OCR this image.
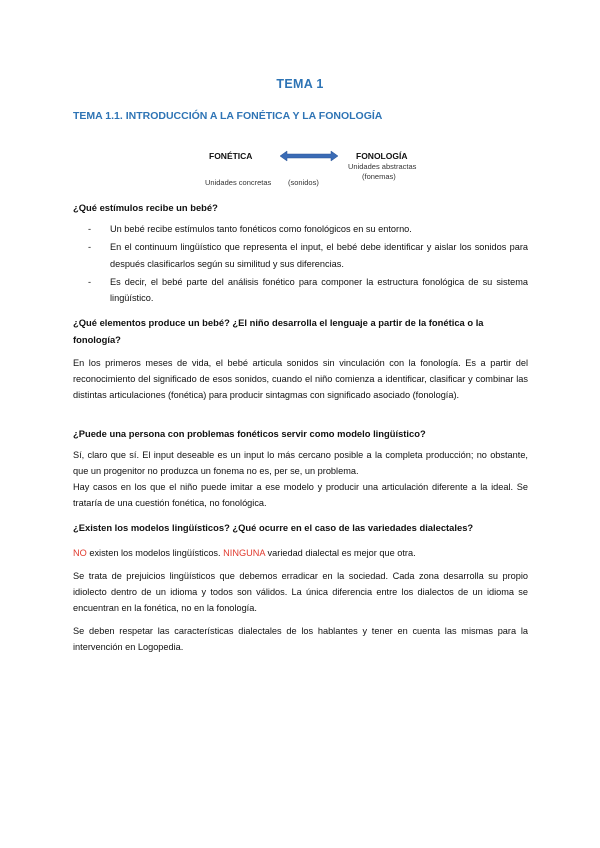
TEMA 1
TEMA 1.1. INTRODUCCIÓN A LA FONÉTICA Y LA FONOLOGÍA
FONÉTICA	FONOLOGÍA
Unidades abstractas
(fonemas)
Unidades concretas (sonidos)
¿Qué estímulos recibe un bebé?
- Un bebé recibe estímulos tanto fonéticos como fonológicos en su entorno.
- En el continuum lingüístico que representa el input, el bebé debe identificar y aislar los sonidos para después clasificarlos según su similitud y sus diferencias.
- Es decir, el bebé parte del análisis fonético para componer la estructura fonológica de su sistema lingüístico.
¿Qué elementos produce un bebé? ¿El niño desarrolla el lenguaje a partir de la fonética o la fonología?
En los primeros meses de vida, el bebé articula sonidos sin vinculación con la fonología. Es a partir del reconocimiento del significado de esos sonidos, cuando el niño comienza a identificar, clasificar y combinar las distintas articulaciones (fonética) para producir sintagmas con significado asociado (fonología).
¿Puede una persona con problemas fonéticos servir como modelo lingüístico?
Sí, claro que sí. El input deseable es un input lo más cercano posible a la completa producción; no obstante, que un progenitor no produzca un fonema no es, per se, un problema.
Hay casos en los que el niño puede imitar a ese modelo y producir una articulación diferente a la ideal. Se trataría de una cuestión fonética, no fonológica.
¿Existen los modelos lingüísticos? ¿Qué ocurre en el caso de las variedades dialectales?
NO existen los modelos lingüísticos. NINGUNA variedad dialectal es mejor que otra.
Se trata de prejuicios lingüísticos que debemos erradicar en la sociedad. Cada zona desarrolla su propio idiolecto dentro de un idioma y todos son válidos. La única diferencia entre los dialectos de un idioma se encuentran en la fonética, no en la fonología.
Se deben respetar las características dialectales de los hablantes y tener en cuenta las mismas para la intervención en Logopedia.
